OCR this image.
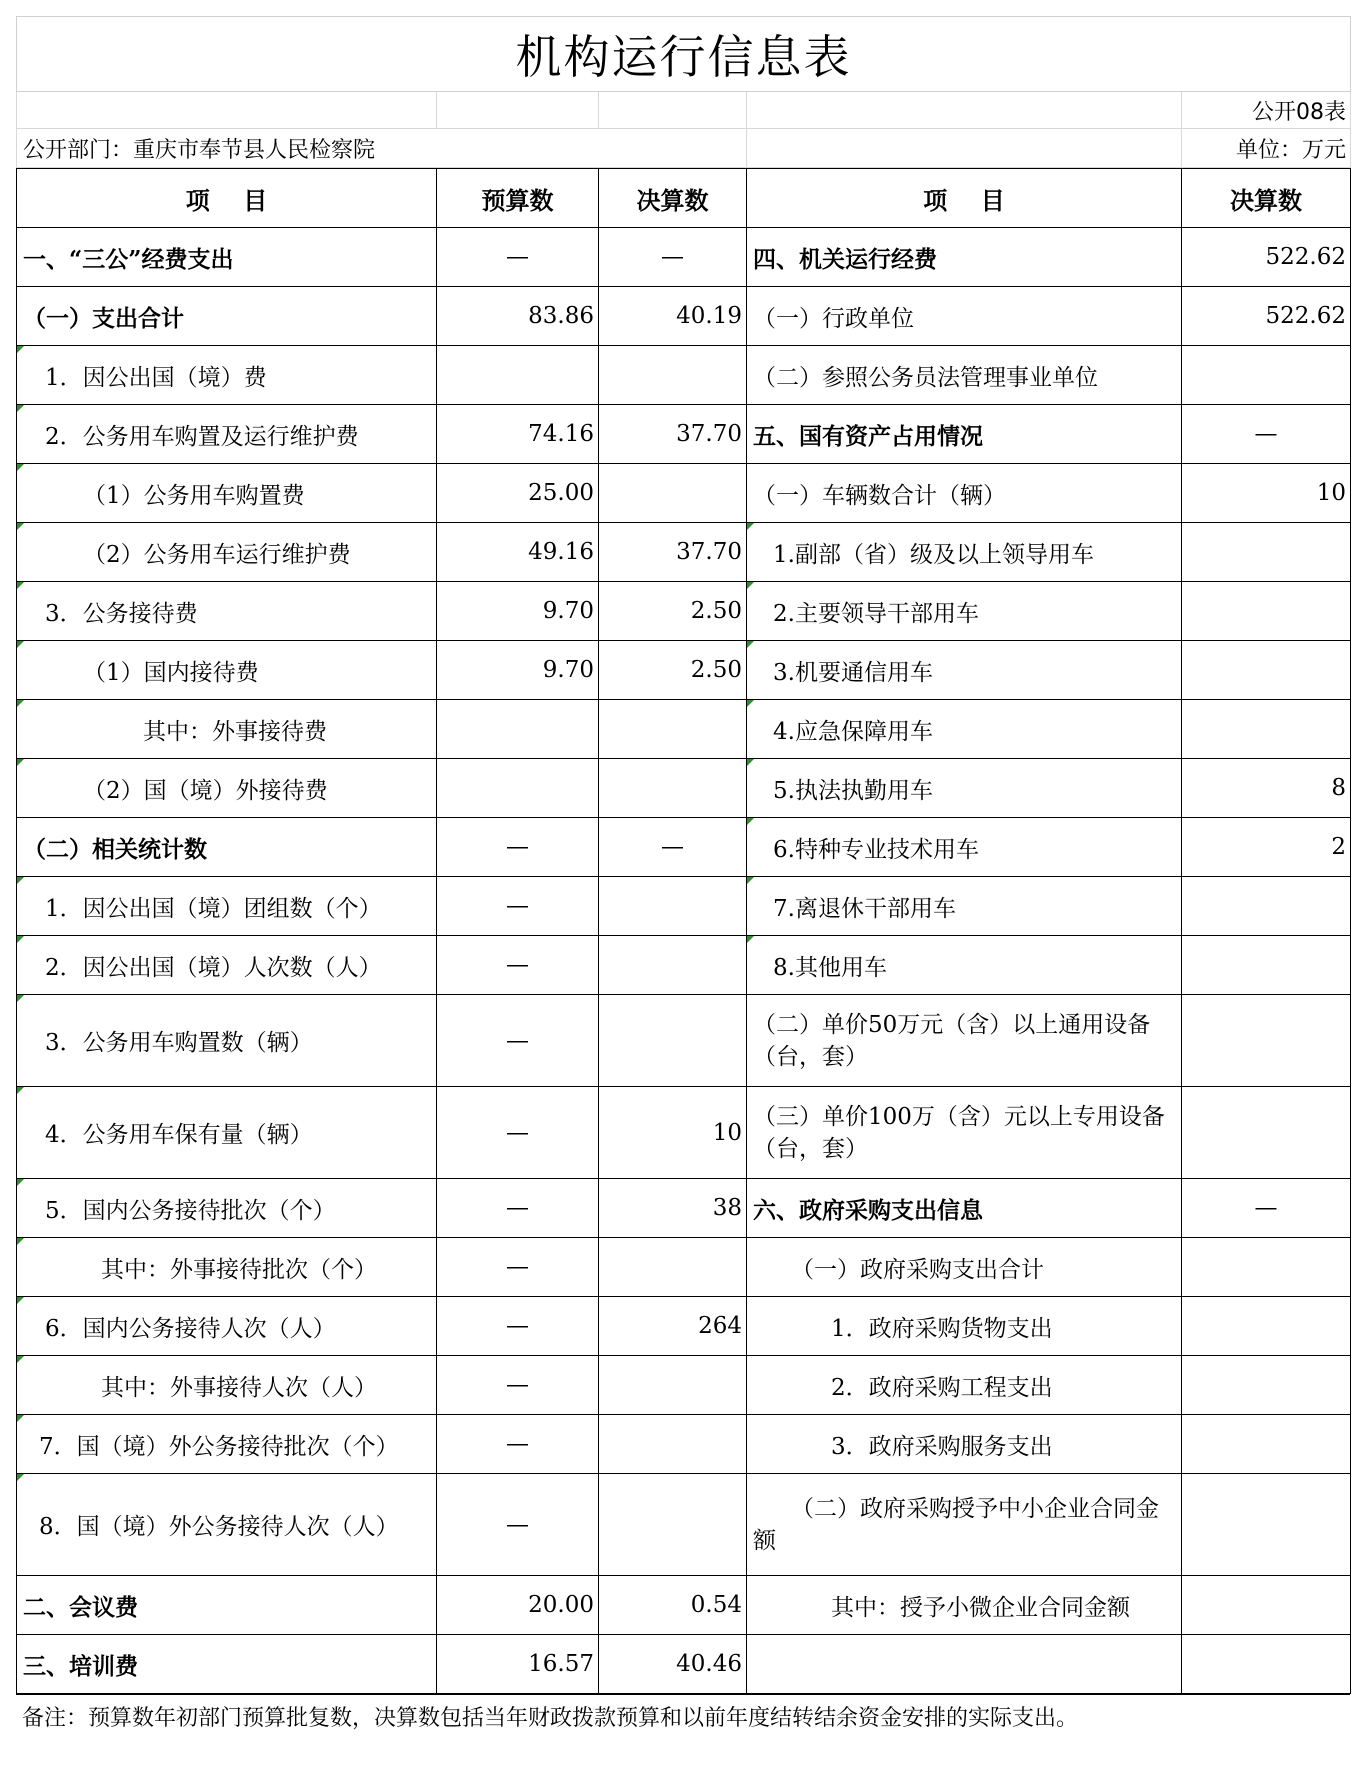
机构运行信息表				
				公开08表
公开部门：重庆市奉节县人民检察院				单位：万元
项    目	预算数	决算数	项    目	决算数
一、“三公”经费支出	—	—	四、机关运行经费	522.62
（一）支出合计	83.86	40.19	（一）行政单位	522.62
1．因公出国（境）费			（二）参照公务员法管理事业单位	
2．公务用车购置及运行维护费	74.16	37.70	五、国有资产占用情况	—
（1）公务用车购置费	25.00		（一）车辆数合计（辆）	10
（2）公务用车运行维护费	49.16	37.70	1.副部（省）级及以上领导用车	
3．公务接待费	9.70	2.50	2.主要领导干部用车	
（1）国内接待费	9.70	2.50	3.机要通信用车	
其中：外事接待费			4.应急保障用车	
（2）国（境）外接待费			5.执法执勤用车	8
（二）相关统计数	—	—	6.特种专业技术用车	2
1．因公出国（境）团组数（个）	—		7.离退休干部用车	
2．因公出国（境）人次数（人）	—		8.其他用车	
3．公务用车购置数（辆）	—		（二）单价50万元（含）以上通用设备（台，套）	
4．公务用车保有量（辆）	—	10	（三）单价100万（含）元以上专用设备（台，套）	
5．国内公务接待批次（个）	—	38	六、政府采购支出信息	—
其中：外事接待批次（个）	—		（一）政府采购支出合计	
6．国内公务接待人次（人）	—	264	1．政府采购货物支出	
其中：外事接待人次（人）	—		2．政府采购工程支出	
7．国（境）外公务接待批次（个）	—		3．政府采购服务支出	
8．国（境）外公务接待人次（人）	—		（二）政府采购授予中小企业合同金额	
二、会议费	20.00	0.54	其中：授予小微企业合同金额	
三、培训费	16.57	40.46		
备注：预算数年初部门预算批复数，决算数包括当年财政拨款预算和以前年度结转结余资金安排的实际支出。
